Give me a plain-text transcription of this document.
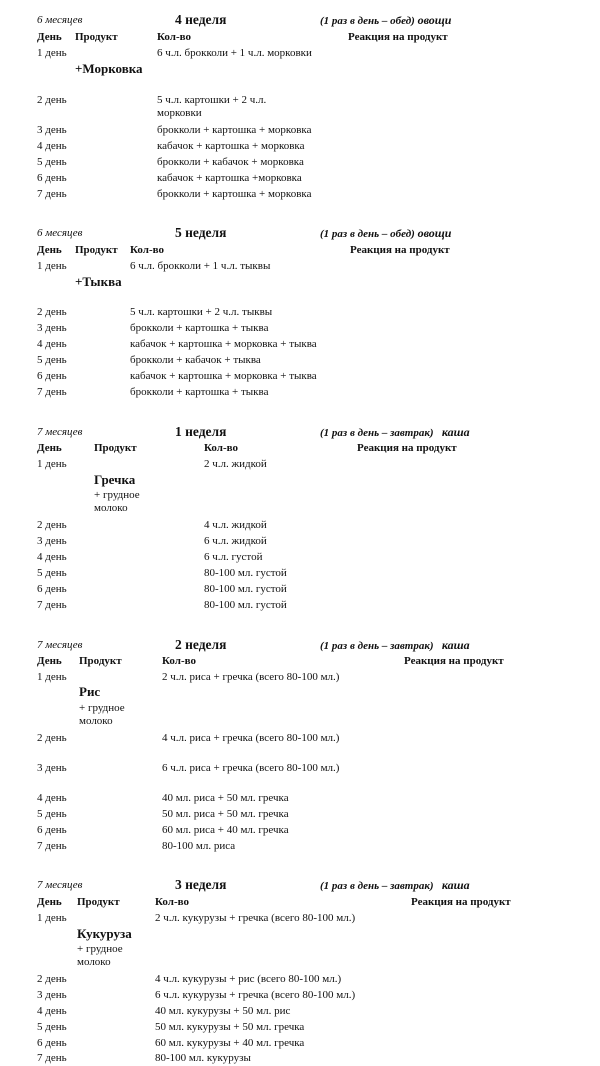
6 месяцев	4 неделя	(1 раз в день – обед) овощи
День Продукт	Кол-во	Реакция на продукт
1 день	6 ч.л. брокколи + 1 ч.л. морковки
+Морковка
2 день	5 ч.л. картошки + 2 ч.л. морковки
3 день	брокколи + картошка + морковка
4 день	кабачок + картошка + морковка
5 день	брокколи + кабачок + морковка
6 день	кабачок + картошка +морковка
7 день	брокколи + картошка + морковка
6 месяцев	5 неделя	(1 раз в день – обед) овощи
День Продукт Кол-во	Реакция на продукт
1 день	6 ч.л. брокколи + 1 ч.л. тыквы
+Тыква
2 день	5 ч.л. картошки + 2 ч.л. тыквы
3 день	брокколи + картошка + тыква
4 день	кабачок + картошка + морковка + тыква
5 день	брокколи + кабачок + тыква
6 день	кабачок + картошка + морковка + тыква
7 день	брокколи + картошка + тыква
7 месяцев	1 неделя	(1 раз в день – завтрак) каша
День	Продукт	Кол-во	Реакция на продукт
1 день	2 ч.л. жидкой
Гречка
+ грудное молоко
2 день	4 ч.л. жидкой
3 день	6 ч.л. жидкой
4 день	6 ч.л. густой
5 день	80-100 мл. густой
6 день	80-100 мл. густой
7 день	80-100 мл. густой
7 месяцев	2 неделя	(1 раз в день – завтрак) каша
День Продукт	Кол-во	Реакция на продукт
1 день	2 ч.л. риса + гречка (всего 80-100 мл.)
Рис
+ грудное молоко
2 день	4 ч.л. риса + гречка (всего 80-100 мл.)
3 день	6 ч.л. риса + гречка (всего 80-100 мл.)
4 день	40 мл. риса + 50 мл. гречка
5 день	50 мл. риса + 50 мл. гречка
6 день	60 мл. риса + 40 мл. гречка
7 день	80-100 мл. риса
7 месяцев	3 неделя	(1 раз в день – завтрак) каша
День Продукт	Кол-во	Реакция на продукт
1 день	2 ч.л. кукурузы + гречка (всего 80-100 мл.)
Кукуруза
+ грудное молоко
2 день	4 ч.л. кукурузы + рис (всего 80-100 мл.)
3 день	6 ч.л. кукурузы + гречка (всего 80-100 мл.)
4 день	40 мл. кукурузы + 50 мл. рис
5 день	50 мл. кукурузы + 50 мл. гречка
6 день	60 мл. кукурузы + 40 мл. гречка
7 день	80-100 мл. кукурузы
